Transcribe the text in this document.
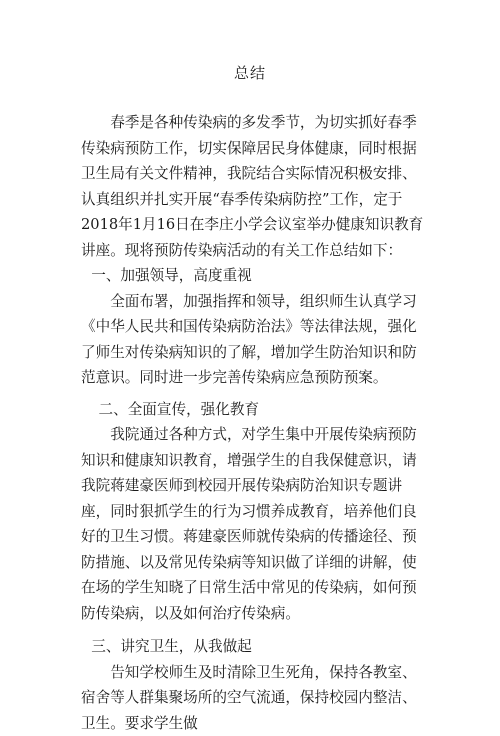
总结

春季是各种传染病的多发季节，为切实抓好春季传染病预防工作，切实保障居民身体健康，同时根据卫生局有关文件精神，我院结合实际情况积极安排、认真组织并扎实开展“春季传染病防控”工作，定于2018年1月16日在李庄小学会议室举办健康知识教育讲座。现将预防传染病活动的有关工作总结如下：

一、加强领导，高度重视

全面布署，加强指挥和领导，组织师生认真学习《中华人民共和国传染病防治法》等法律法规，强化了师生对传染病知识的了解，增加学生防治知识和防范意识。同时进一步完善传染病应急预防预案。

二、全面宣传，强化教育

我院通过各种方式，对学生集中开展传染病预防知识和健康知识教育，增强学生的自我保健意识，请我院蒋建豪医师到校园开展传染病防治知识专题讲座，同时狠抓学生的行为习惯养成教育，培养他们良好的卫生习惯。蒋建豪医师就传染病的传播途径、预防措施、以及常见传染病等知识做了详细的讲解，使在场的学生知晓了日常生活中常见的传染病，如何预防传染病，以及如何治疗传染病。

三、讲究卫生，从我做起

告知学校师生及时清除卫生死角，保持各教室、宿舍等人群集聚场所的空气流通，保持校园内整洁、卫生。要求学生做
